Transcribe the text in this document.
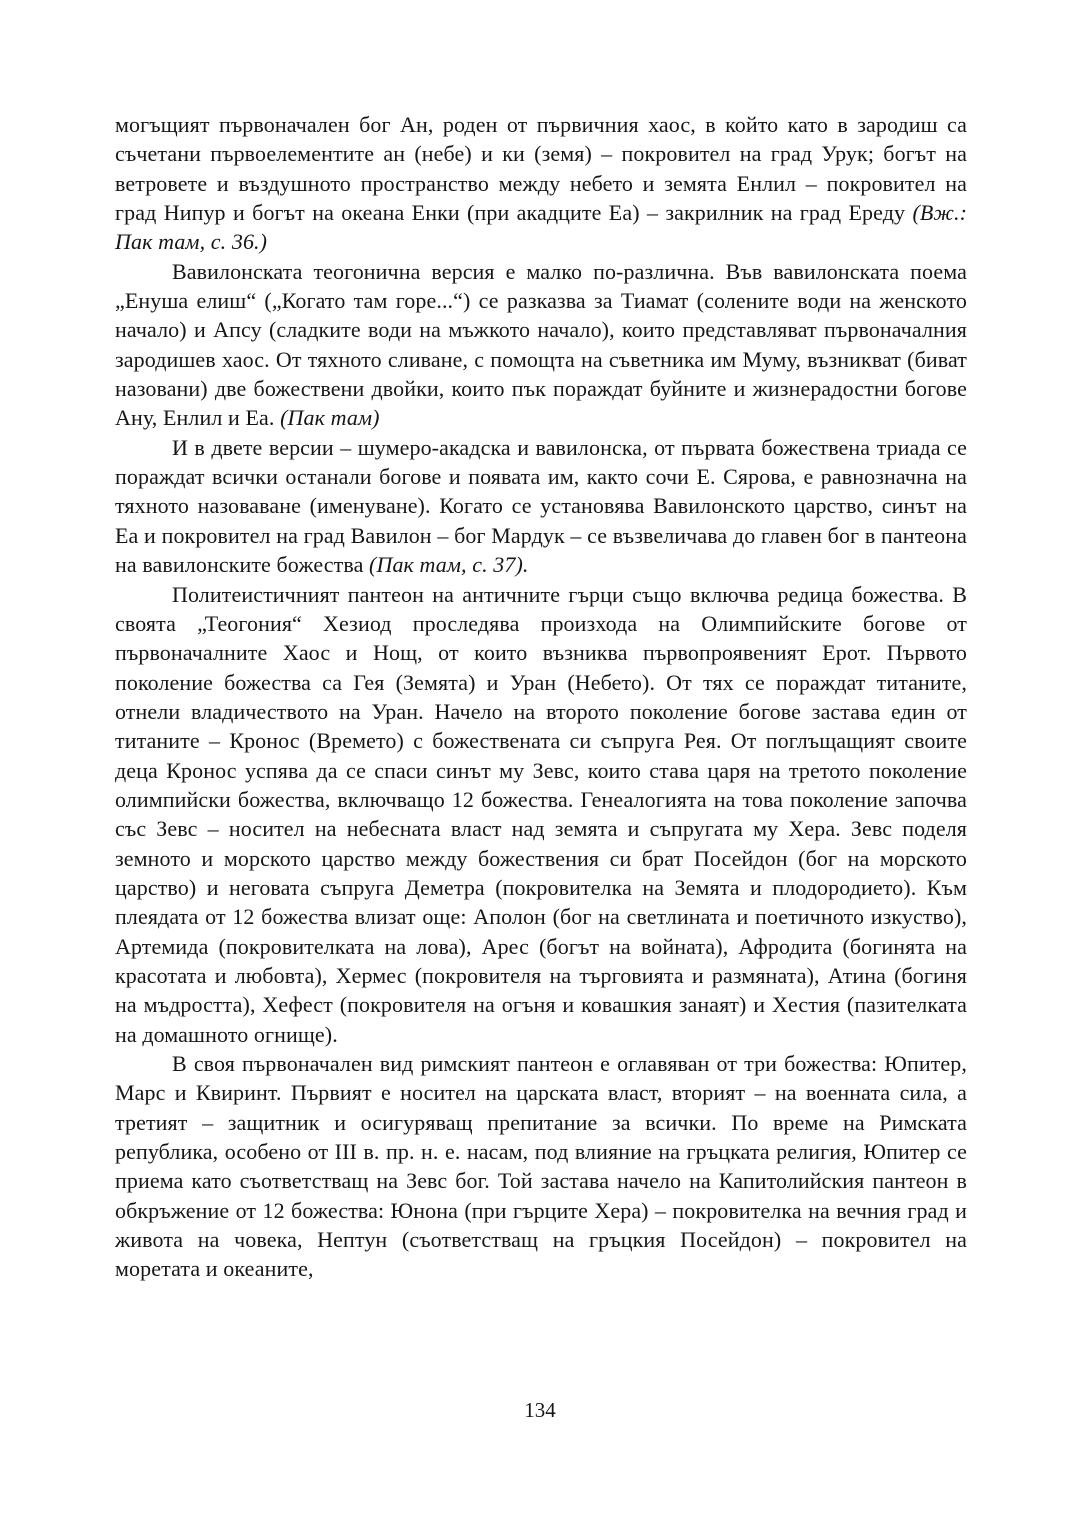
могъщият първоначален бог Ан, роден от първичния хаос, в който като в зародиш са съчетани първоелементите ан (небе) и ки (земя) – покровител на град Урук; богът на ветровете и въздушното пространство между небето и земята Енлил – покровител на град Нипур и богът на океана Енки (при акадците Еа) – закрилник на град Ереду (Вж.: Пак там, с. 36.)

Вавилонската теогонична версия е малко по-различна. Във вавилонската поема „Енуша елиш“ („Когато там горе...“) се разказва за Тиамат (солените води на женското начало) и Апсу (сладките води на мъжкото начало), които представляват първоначалния зародишев хаос. От тяхното сливане, с помощта на съветника им Муму, възникват (биват назовани) две божествени двойки, които пък пораждат буйните и жизнерадостни богове Ану, Енлил и Еа. (Пак там)

И в двете версии – шумеро-акадска и вавилонска, от първата божествена триада се пораждат всички останали богове и появата им, както сочи Е. Сярова, е равнозначна на тяхното назоваване (именуване). Когато се установява Вавилонското царство, синът на Еа и покровител на град Вавилон – бог Мардук – се възвеличава до главен бог в пантеона на вавилонските божества (Пак там, с. 37).

Политеистичният пантеон на античните гърци също включва редица божества. В своята „Теогония“ Хезиод проследява произхода на Олимпийските богове от първоначалните Хаос и Нощ, от които възниква първопроявеният Ерот. Първото поколение божества са Гея (Земята) и Уран (Небето). От тях се пораждат титаните, отнели владичеството на Уран. Начело на второто поколение богове застава един от титаните – Кронос (Времето) с божествената си съпруга Рея. От поглъщащият своите деца Кронос успява да се спаси синът му Зевс, които става царя на третото поколение олимпийски божества, включващо 12 божества. Генеалогията на това поколение започва със Зевс – носител на небесната власт над земята и съпругата му Хера. Зевс поделя земното и морското царство между божествения си брат Посейдон (бог на морското царство) и неговата съпруга Деметра (покровителка на Земята и плодородието). Към плеядата от 12 божества влизат още: Аполон (бог на светлината и поетичното изкуство), Артемида (покровителката на лова), Арес (богът на войната), Афродита (богинята на красотата и любовта), Хермес (покровителя на търговията и размяната), Атина (богиня на мъдростта), Хефест (покровителя на огъня и ковашкия занаят) и Хестия (пазителката на домашното огнище).

В своя първоначален вид римският пантеон е оглавяван от три божества: Юпитер, Марс и Квиринт. Първият е носител на царската власт, вторият – на военната сила, а третият – защитник и осигуряващ препитание за всички. По време на Римската република, особено от III в. пр. н. е. насам, под влияние на гръцката религия, Юпитер се приема като съответстващ на Зевс бог. Той застава начело на Капитолийския пантеон в обкръжение от 12 божества: Юнона (при гърците Хера) – покровителка на вечния град и живота на човека, Нептун (съответстващ на гръцкия Посейдон) – покровител на моретата и океаните,

134
